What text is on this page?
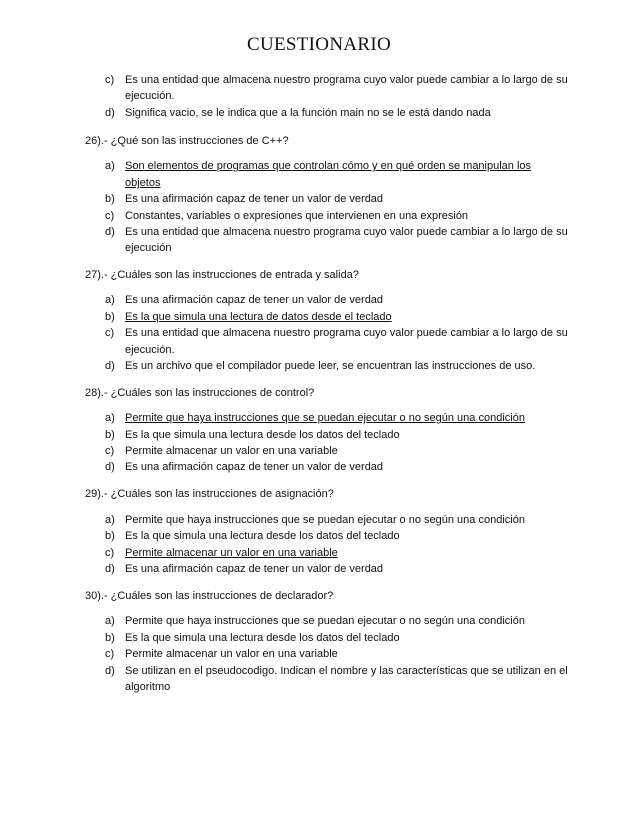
CUESTIONARIO
c) Es una entidad que almacena nuestro programa cuyo valor puede cambiar a lo largo de su
ejecución.
d) Significa vacio, se le indica que a la función main no se le está dando nada
26).- ¿Qué son las instrucciones de C++?
a) Son elementos de programas que controlan cómo y en qué orden se manipulan los
objetos
b) Es una afirmación capaz de tener un valor de verdad
c) Constantes, variables o expresiones que intervienen en una expresión
d) Es una entidad que almacena nuestro programa cuyo valor puede cambiar a lo largo de su
ejecución
27).- ¿Cuáles son las instrucciones de entrada y salida?
a) Es una afirmación capaz de tener un valor de verdad
b) Es la que simula una lectura de datos desde el teclado
c) Es una entidad que almacena nuestro programa cuyo valor puede cambiar a lo largo de su
ejecución.
d) Es un archivo que el compilador puede leer, se encuentran las instrucciones de uso.
28).- ¿Cuáles son las instrucciones de control?
a) Permite que haya instrucciones que se puedan ejecutar o no según una condición
b) Es la que simula una lectura desde los datos del teclado
c) Permite almacenar un valor en una variable
d) Es una afirmación capaz de tener un valor de verdad
29).- ¿Cuáles son las instrucciones de asignación?
a) Permite que haya instrucciones que se puedan ejecutar o no según una condición
b) Es la que simula una lectura desde los datos del teclado
c) Permite almacenar un valor en una variable
d) Es una afirmación capaz de tener un valor de verdad
30).- ¿Cuáles son las instrucciones de declarador?
a) Permite que haya instrucciones que se puedan ejecutar o no según una condición
b) Es la que simula una lectura desde los datos del teclado
c) Permite almacenar un valor en una variable
d) Se utilizan en el pseudocodigo. Indican el nombre y las características que se utilizan en el
algoritmo
